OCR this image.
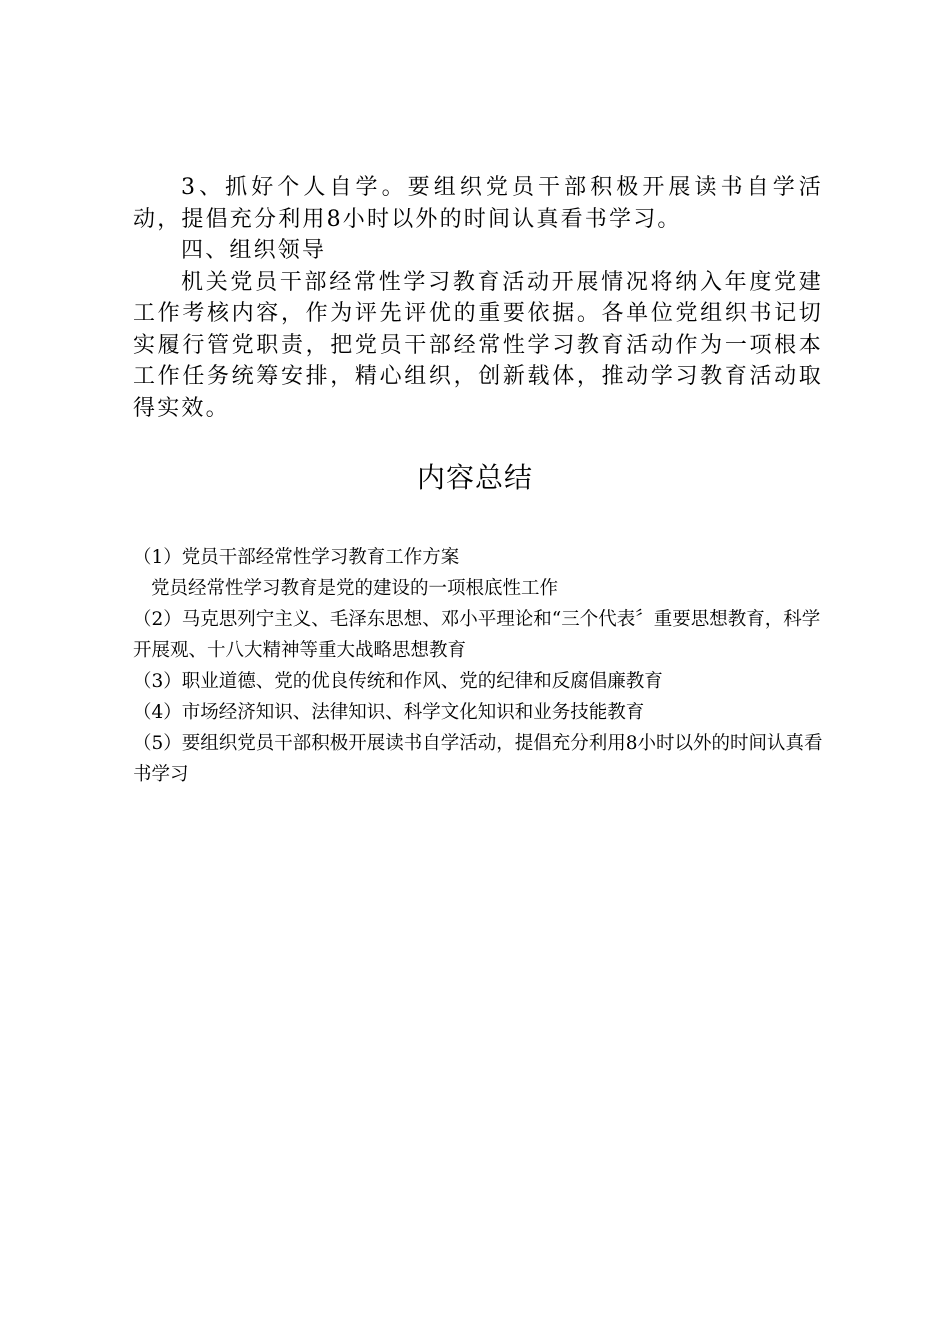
3、抓好个人自学。要组织党员干部积极开展读书自学活动，提倡充分利用8小时以外的时间认真看书学习。

四、组织领导

机关党员干部经常性学习教育活动开展情况将纳入年度党建工作考核内容，作为评先评优的重要依据。各单位党组织书记切实履行管党职责，把党员干部经常性学习教育活动作为一项根本工作任务统筹安排，精心组织，创新载体，推动学习教育活动取得实效。

内容总结

（1）党员干部经常性学习教育工作方案

党员经常性学习教育是党的建设的一项根底性工作

（2）马克思列宁主义、毛泽东思想、邓小平理论和“三个代表〞重要思想教育，科学开展观、十八大精神等重大战略思想教育

（3）职业道德、党的优良传统和作风、党的纪律和反腐倡廉教育

（4）市场经济知识、法律知识、科学文化知识和业务技能教育

（5）要组织党员干部积极开展读书自学活动，提倡充分利用8小时以外的时间认真看书学习
